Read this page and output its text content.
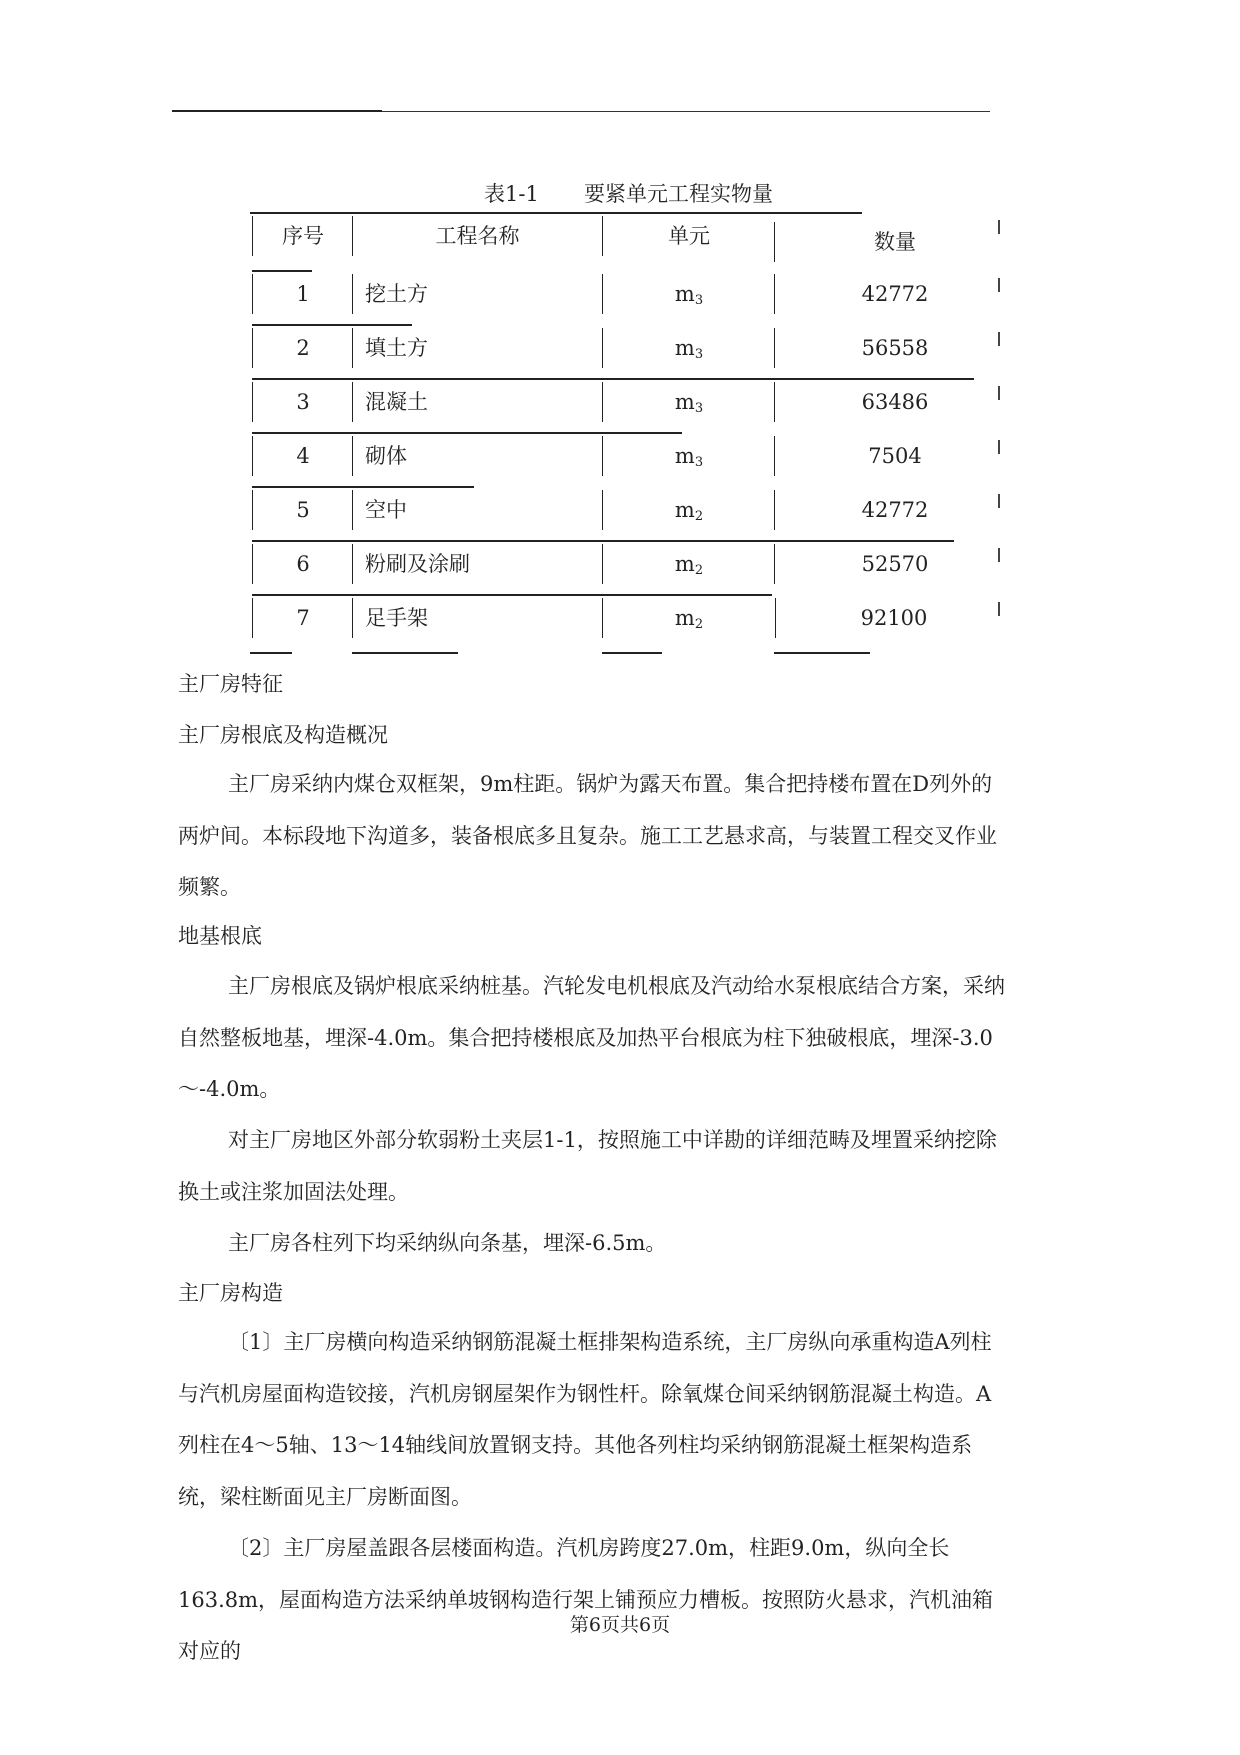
表1-1 要紧单元工程实物量
序号	工程名称	单元	数量
1	挖土方	m3	42772
2	填土方	m3	56558
3	混凝土	m3	63486
4	砌体	m3	7504
5	空中	m2	42772
6	粉刷及涂刷	m2	52570
7	足手架	m2	92100
主厂房特征
主厂房根底及构造概况
主厂房采纳内煤仓双框架，9m柱距。锅炉为露天布置。集合把持楼布置在D列外的两炉间。本标段地下沟道多，装备根底多且复杂。施工工艺悬求高，与装置工程交叉作业频繁。
地基根底
主厂房根底及锅炉根底采纳桩基。汽轮发电机根底及汽动给水泵根底结合方案，采纳自然整板地基，埋深-4.0m。集合把持楼根底及加热平台根底为柱下独破根底，埋深-3.0～-4.0m。
对主厂房地区外部分软弱粉土夹层1-1，按照施工中详勘的详细范畴及埋置采纳挖除换土或注浆加固法处理。
主厂房各柱列下均采纳纵向条基，埋深-6.5m。
主厂房构造
〔1〕主厂房横向构造采纳钢筋混凝土框排架构造系统，主厂房纵向承重构造A列柱与汽机房屋面构造铰接，汽机房钢屋架作为钢性杆。除氧煤仓间采纳钢筋混凝土构造。A列柱在4～5轴、13～14轴线间放置钢支持。其他各列柱均采纳钢筋混凝土框架构造系统，梁柱断面见主厂房断面图。
〔2〕主厂房屋盖跟各层楼面构造。汽机房跨度27.0m，柱距9.0m，纵向全长163.8m，屋面构造方法采纳单坡钢构造行架上铺预应力槽板。按照防火悬求，汽机油箱对应的
第6页共6页
